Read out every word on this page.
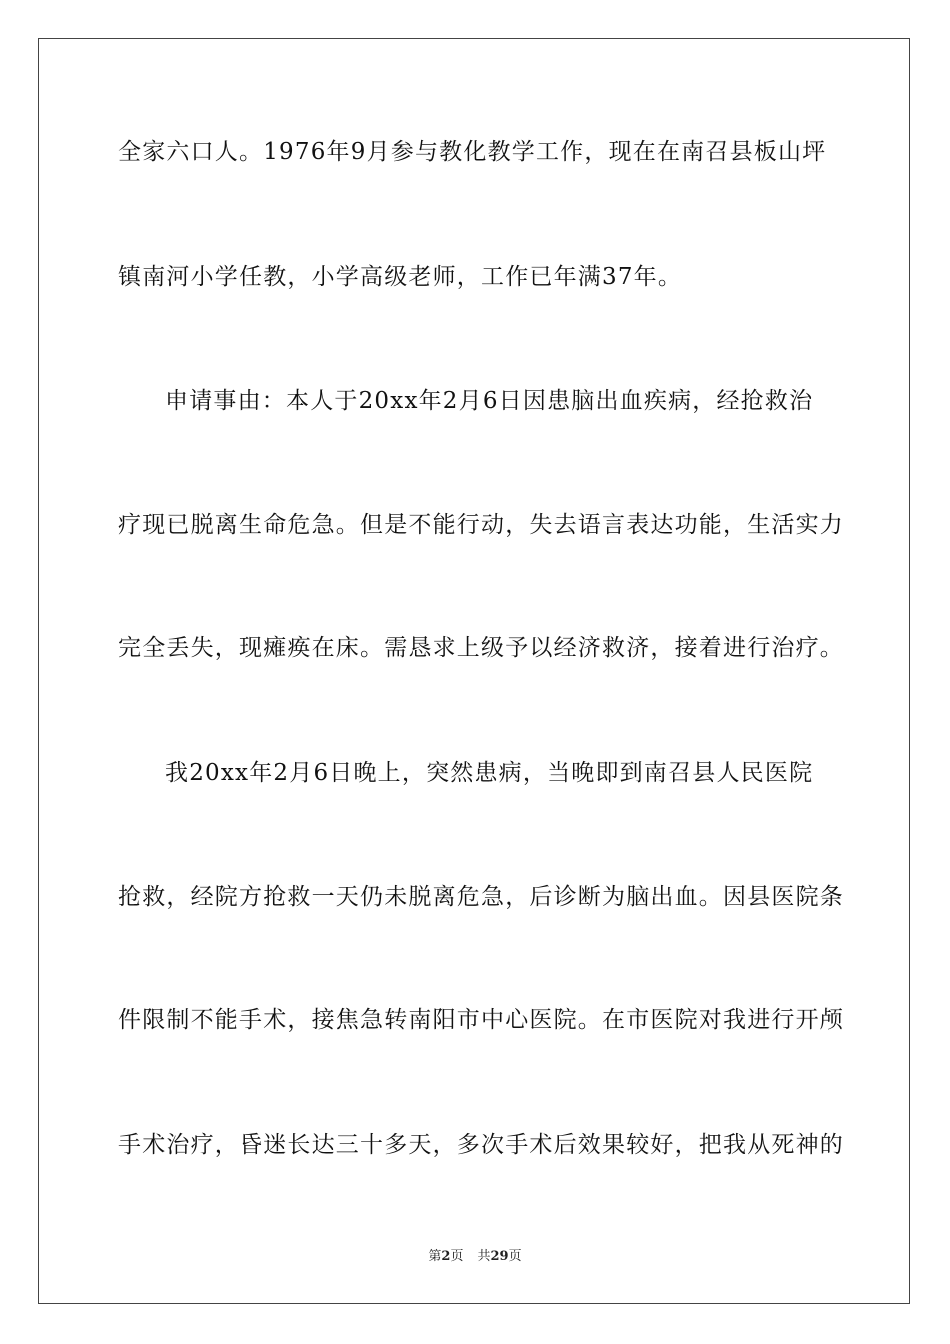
全家六口人。1976年9月参与教化教学工作，现在在南召县板山坪
镇南河小学任教，小学高级老师，工作已年满37年。
申请事由：本人于20xx年2月6日因患脑出血疾病，经抢救治
疗现已脱离生命危急。但是不能行动，失去语言表达功能，生活实力
完全丢失，现瘫痪在床。需恳求上级予以经济救济，接着进行治疗。
我20xx年2月6日晚上，突然患病，当晚即到南召县人民医院
抢救，经院方抢救一天仍未脱离危急，后诊断为脑出血。因县医院条
件限制不能手术，接焦急转南阳市中心医院。在市医院对我进行开颅
手术治疗，昏迷长达三十多天，多次手术后效果较好，把我从死神的
第2页 共29页
